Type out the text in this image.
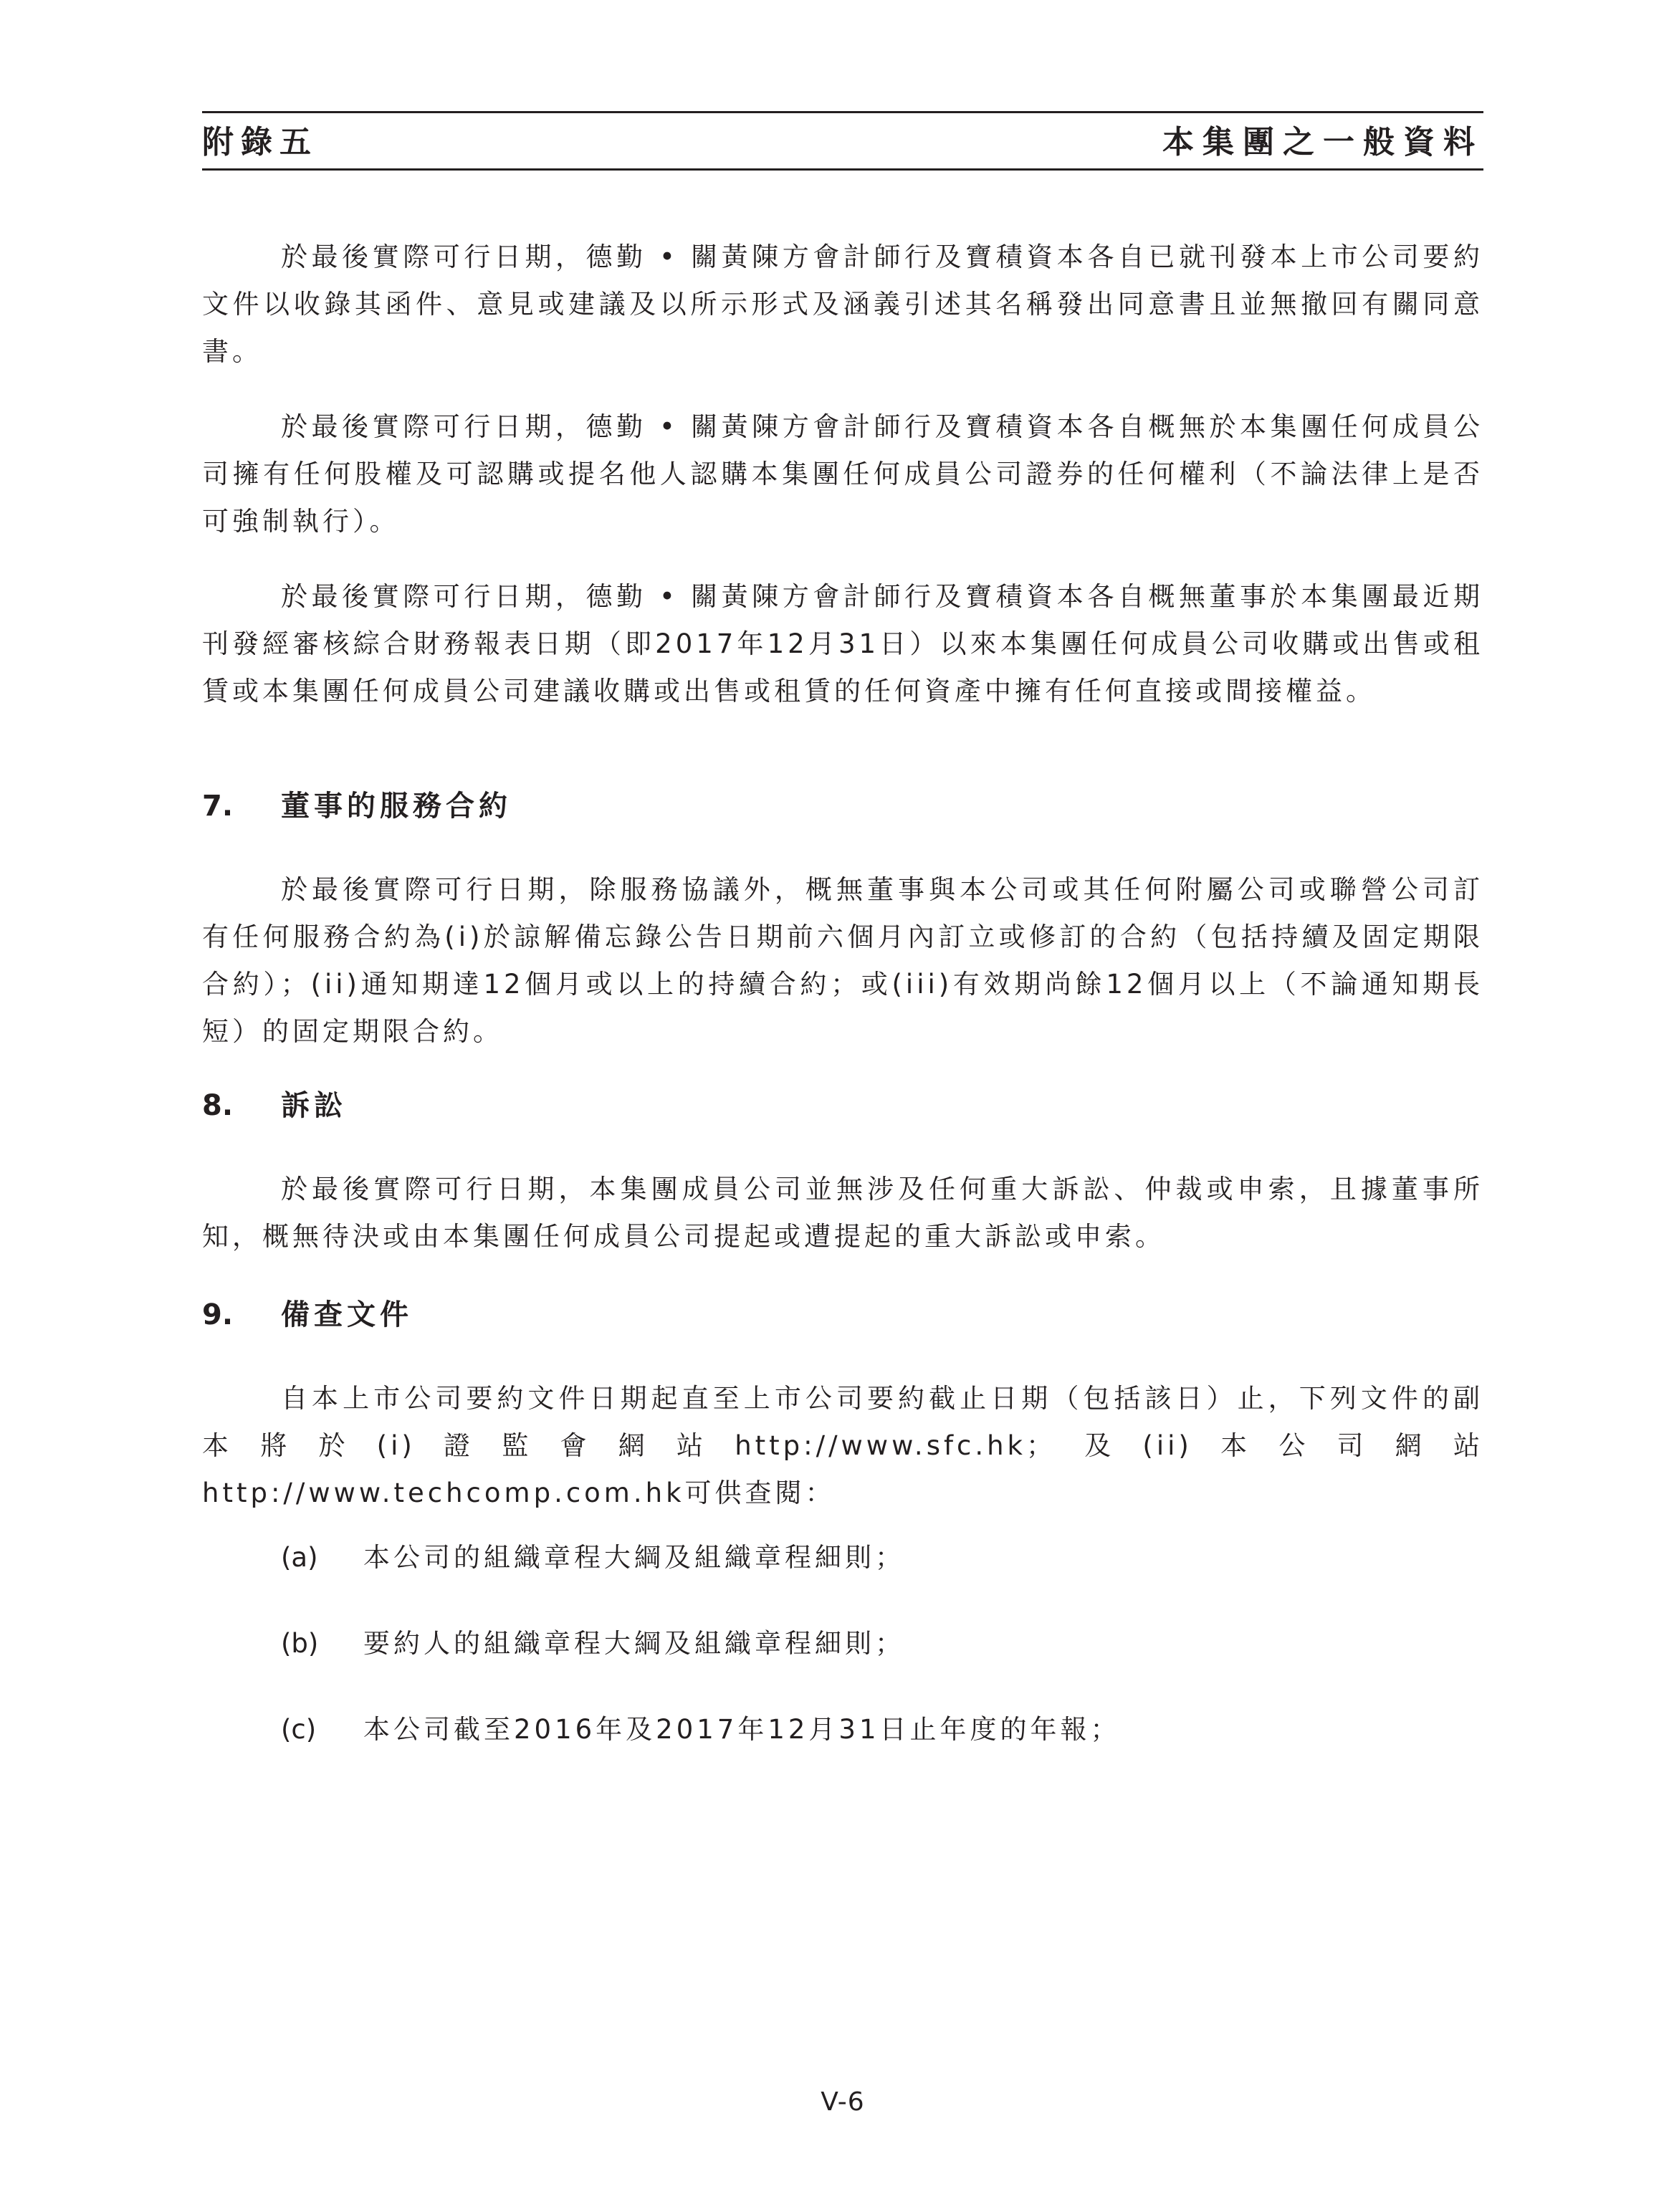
附錄五	本集團之一般資料
於最後實際可行日期，德勤 • 關黃陳方會計師行及寶積資本各自已就刊發本上市公司要約文件以收錄其函件、意見或建議及以所示形式及涵義引述其名稱發出同意書且並無撤回有關同意書。
於最後實際可行日期，德勤 • 關黃陳方會計師行及寶積資本各自概無於本集團任何成員公司擁有任何股權及可認購或提名他人認購本集團任何成員公司證券的任何權利（不論法律上是否可強制執行）。
於最後實際可行日期，德勤 • 關黃陳方會計師行及寶積資本各自概無董事於本集團最近期刊發經審核綜合財務報表日期（即2017年12月31日）以來本集團任何成員公司收購或出售或租賃或本集團任何成員公司建議收購或出售或租賃的任何資產中擁有任何直接或間接權益。
7. 董事的服務合約
於最後實際可行日期，除服務協議外，概無董事與本公司或其任何附屬公司或聯營公司訂有任何服務合約為(i)於諒解備忘錄公告日期前六個月內訂立或修訂的合約（包括持續及固定期限合約）；(ii)通知期達12個月或以上的持續合約；或(iii)有效期尚餘12個月以上（不論通知期長短）的固定期限合約。
8. 訴訟
於最後實際可行日期，本集團成員公司並無涉及任何重大訴訟、仲裁或申索，且據董事所知，概無待決或由本集團任何成員公司提起或遭提起的重大訴訟或申索。
9. 備查文件
自本上市公司要約文件日期起直至上市公司要約截止日期（包括該日）止，下列文件的副本將於(i)證監會網站http://www.sfc.hk；及(ii)本公司網站http://www.techcomp.com.hk可供查閱：
(a) 本公司的組織章程大綱及組織章程細則；
(b) 要約人的組織章程大綱及組織章程細則；
(c) 本公司截至2016年及2017年12月31日止年度的年報；
V-6
